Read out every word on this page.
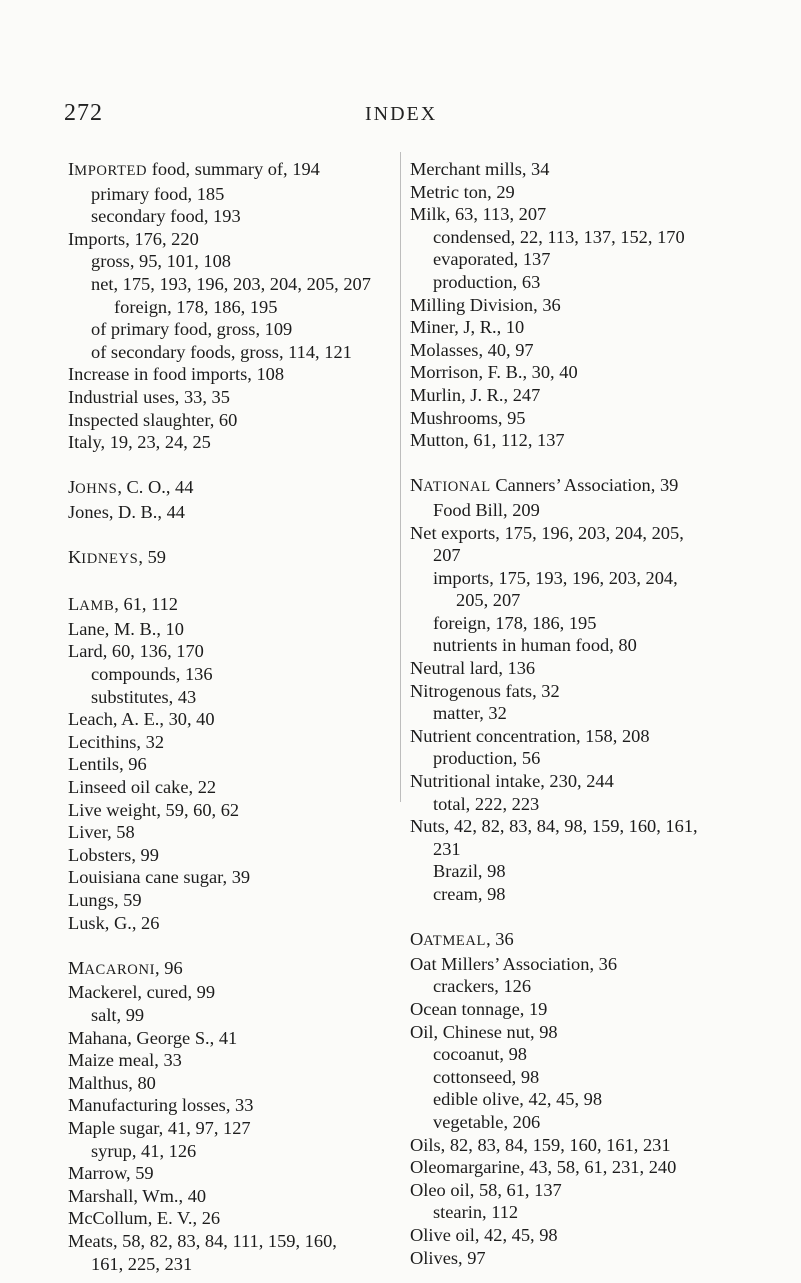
272	INDEX
IMPORTED food, summary of, 194
primary food, 185
secondary food, 193
Imports, 176, 220
gross, 95, 101, 108
net, 175, 193, 196, 203, 204, 205, 207
foreign, 178, 186, 195
of primary food, gross, 109
of secondary foods, gross, 114, 121
Increase in food imports, 108
Industrial uses, 33, 35
Inspected slaughter, 60
Italy, 19, 23, 24, 25
JOHNS, C. O., 44
Jones, D. B., 44
KIDNEYS, 59
LAMB, 61, 112
Lane, M. B., 10
Lard, 60, 136, 170
compounds, 136
substitutes, 43
Leach, A. E., 30, 40
Lecithins, 32
Lentils, 96
Linseed oil cake, 22
Live weight, 59, 60, 62
Liver, 58
Lobsters, 99
Louisiana cane sugar, 39
Lungs, 59
Lusk, G., 26
MACARONI, 96
Mackerel, cured, 99
salt, 99
Mahana, George S., 41
Maize meal, 33
Malthus, 80
Manufacturing losses, 33
Maple sugar, 41, 97, 127
syrup, 41, 126
Marrow, 59
Marshall, Wm., 40
McCollum, E. V., 26
Meats, 58, 82, 83, 84, 111, 159, 160,
161, 225, 231
Merchant mills, 34
Metric ton, 29
Milk, 63, 113, 207
condensed, 22, 113, 137, 152, 170
evaporated, 137
production, 63
Milling Division, 36
Miner, J, R., 10
Molasses, 40, 97
Morrison, F. B., 30, 40
Murlin, J. R., 247
Mushrooms, 95
Mutton, 61, 112, 137
NATIONAL Canners’ Association, 39
Food Bill, 209
Net exports, 175, 196, 203, 204, 205,
207
imports, 175, 193, 196, 203, 204,
205, 207
foreign, 178, 186, 195
nutrients in human food, 80
Neutral lard, 136
Nitrogenous fats, 32
matter, 32
Nutrient concentration, 158, 208
production, 56
Nutritional intake, 230, 244
total, 222, 223
Nuts, 42, 82, 83, 84, 98, 159, 160, 161,
231
Brazil, 98
cream, 98
OATMEAL, 36
Oat Millers’ Association, 36
crackers, 126
Ocean tonnage, 19
Oil, Chinese nut, 98
cocoanut, 98
cottonseed, 98
edible olive, 42, 45, 98
vegetable, 206
Oils, 82, 83, 84, 159, 160, 161, 231
Oleomargarine, 43, 58, 61, 231, 240
Oleo oil, 58, 61, 137
stearin, 112
Olive oil, 42, 45, 98
Olives, 97
